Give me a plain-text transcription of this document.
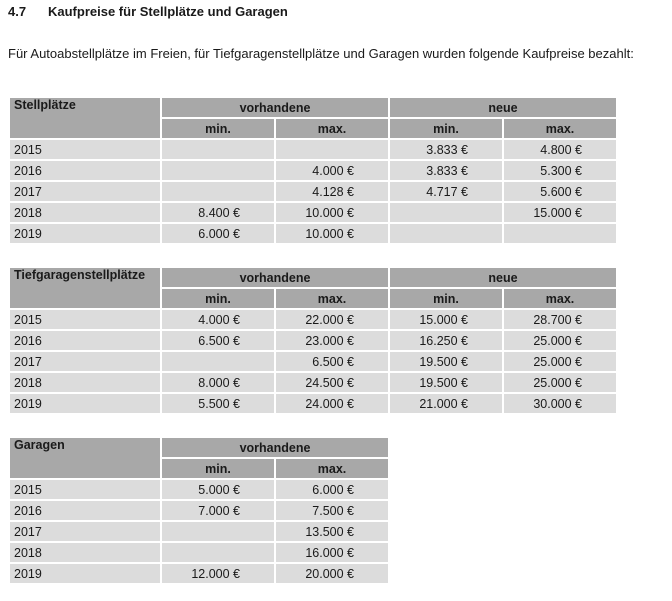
4.7	Kaufpreise für Stellplätze und Garagen
Für Autoabstellplätze im Freien, für Tiefgaragenstellplätze und Garagen wurden folgende Kaufpreise bezahlt:
Stellplätze	vorhandene		neue	
	min.	max.	min.	max.
2015			3.833 €	4.800 €
2016		4.000 €	3.833 €	5.300 €
2017		4.128 €	4.717 €	5.600 €
2018	8.400 €	10.000 €		15.000 €
2019	6.000 €	10.000 €		
Tiefgaragenstellplätze	vorhandene		neue	
	min.	max.	min.	max.
2015	4.000 €	22.000 €	15.000 €	28.700 €
2016	6.500 €	23.000 €	16.250 €	25.000 €
2017		6.500 €	19.500 €	25.000 €
2018	8.000 €	24.500 €	19.500 €	25.000 €
2019	5.500 €	24.000 €	21.000 €	30.000 €
Garagen	vorhandene	
	min.	max.
2015	5.000 €	6.000 €
2016	7.000 €	7.500 €
2017		13.500 €
2018		16.000 €
2019	12.000 €	20.000 €
